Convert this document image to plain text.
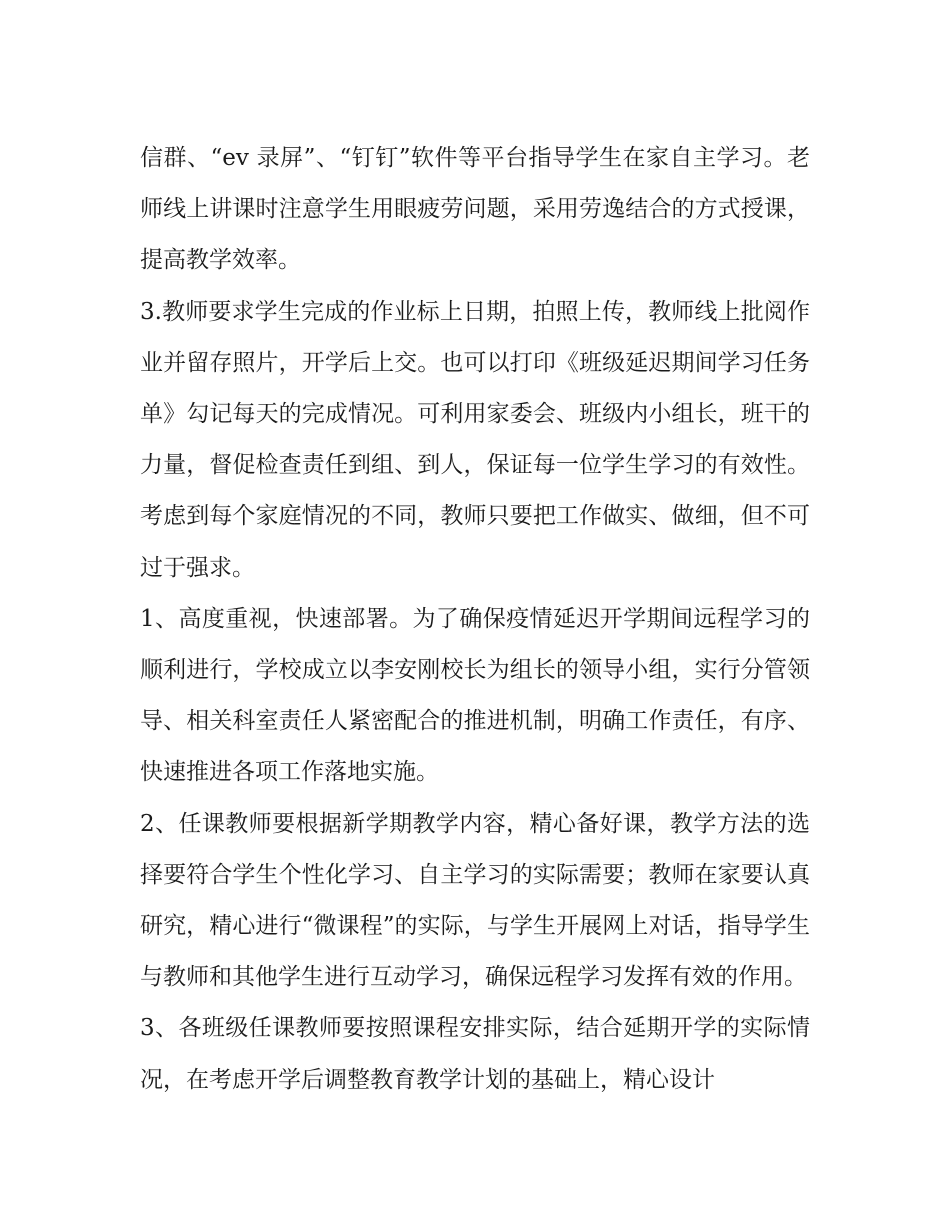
信群、“ev 录屏”、“钉钉”软件等平台指导学生在家自主学习。老师线上讲课时注意学生用眼疲劳问题，采用劳逸结合的方式授课，提高教学效率。

3.教师要求学生完成的作业标上日期，拍照上传，教师线上批阅作业并留存照片，开学后上交。也可以打印《班级延迟期间学习任务单》勾记每天的完成情况。可利用家委会、班级内小组长，班干的力量，督促检查责任到组、到人，保证每一位学生学习的有效性。考虑到每个家庭情况的不同，教师只要把工作做实、做细，但不可过于强求。

1、高度重视，快速部署。为了确保疫情延迟开学期间远程学习的顺利进行，学校成立以李安刚校长为组长的领导小组，实行分管领导、相关科室责任人紧密配合的推进机制，明确工作责任，有序、快速推进各项工作落地实施。

2、任课教师要根据新学期教学内容，精心备好课，教学方法的选择要符合学生个性化学习、自主学习的实际需要；教师在家要认真研究，精心进行“微课程”的实际，与学生开展网上对话，指导学生与教师和其他学生进行互动学习，确保远程学习发挥有效的作用。

3、各班级任课教师要按照课程安排实际，结合延期开学的实际情况，在考虑开学后调整教育教学计划的基础上，精心设计
